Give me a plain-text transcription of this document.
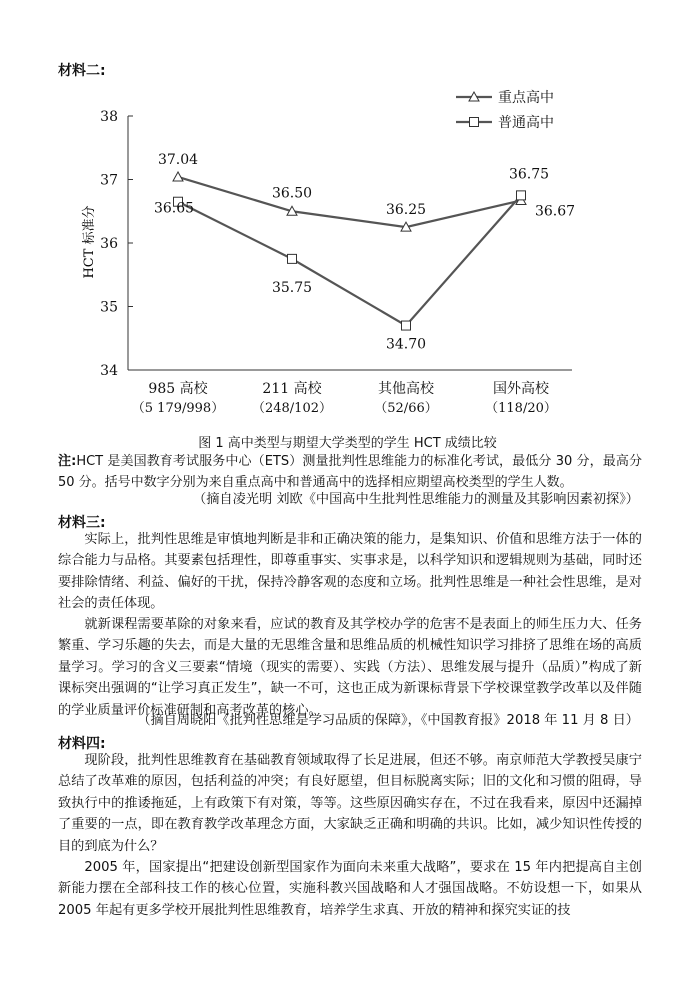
材料二:
34
35
36
37
38
HCT 标准分
985 高校
（5 179/998）
211 高校
（248/102）
其他高校
（52/66）
国外高校
（118/20）
37.04
36.50
36.25	36.67
36.65
35.75
34.70
36.75
重点高中
普通高中
图 1 高中类型与期望大学类型的学生 HCT 成绩比较
注:HCT 是美国教育考试服务中心（ETS）测量批判性思维能力的标准化考试，最低分 30 分，最高分 50 分。括号中数字分别为来自重点高中和普通高中的选择相应期望高校类型的学生人数。
（摘自凌光明 刘欧《中国高中生批判性思维能力的测量及其影响因素初探》）
材料三:
实际上，批判性思维是审慎地判断是非和正确决策的能力，是集知识、价值和思维方法于一体的综合能力与品格。其要素包括理性，即尊重事实、实事求是，以科学知识和逻辑规则为基础，同时还要排除情绪、利益、偏好的干扰，保持冷静客观的态度和立场。批判性思维是一种社会性思维，是对社会的责任体现。
就新课程需要革除的对象来看，应试的教育及其学校办学的危害不是表面上的师生压力大、任务繁重、学习乐趣的失去，而是大量的无思维含量和思维品质的机械性知识学习排挤了思维在场的高质量学习。学习的含义三要素“情境（现实的需要）、实践（方法）、思维发展与提升（品质）”构成了新课标突出强调的“让学习真正发生”，缺一不可，这也正成为新课标背景下学校课堂教学改革以及伴随的学业质量评价标准研制和高考改革的核心。
（摘自周晓阳《批判性思维是学习品质的保障》，《中国教育报》2018 年 11 月 8 日）
材料四:
现阶段，批判性思维教育在基础教育领域取得了长足进展，但还不够。南京师范大学教授吴康宁总结了改革难的原因，包括利益的冲突；有良好愿望，但目标脱离实际；旧的文化和习惯的阻碍，导致执行中的推诿拖延，上有政策下有对策，等等。这些原因确实存在，不过在我看来，原因中还漏掉了重要的一点，即在教育教学改革理念方面，大家缺乏正确和明确的共识。比如，减少知识性传授的目的到底为什么？
2005 年，国家提出“把建设创新型国家作为面向未来重大战略”，要求在 15 年内把提高自主创新能力摆在全部科技工作的核心位置，实施科教兴国战略和人才强国战略。不妨设想一下，如果从 2005 年起有更多学校开展批判性思维教育，培养学生求真、开放的精神和探究实证的技
